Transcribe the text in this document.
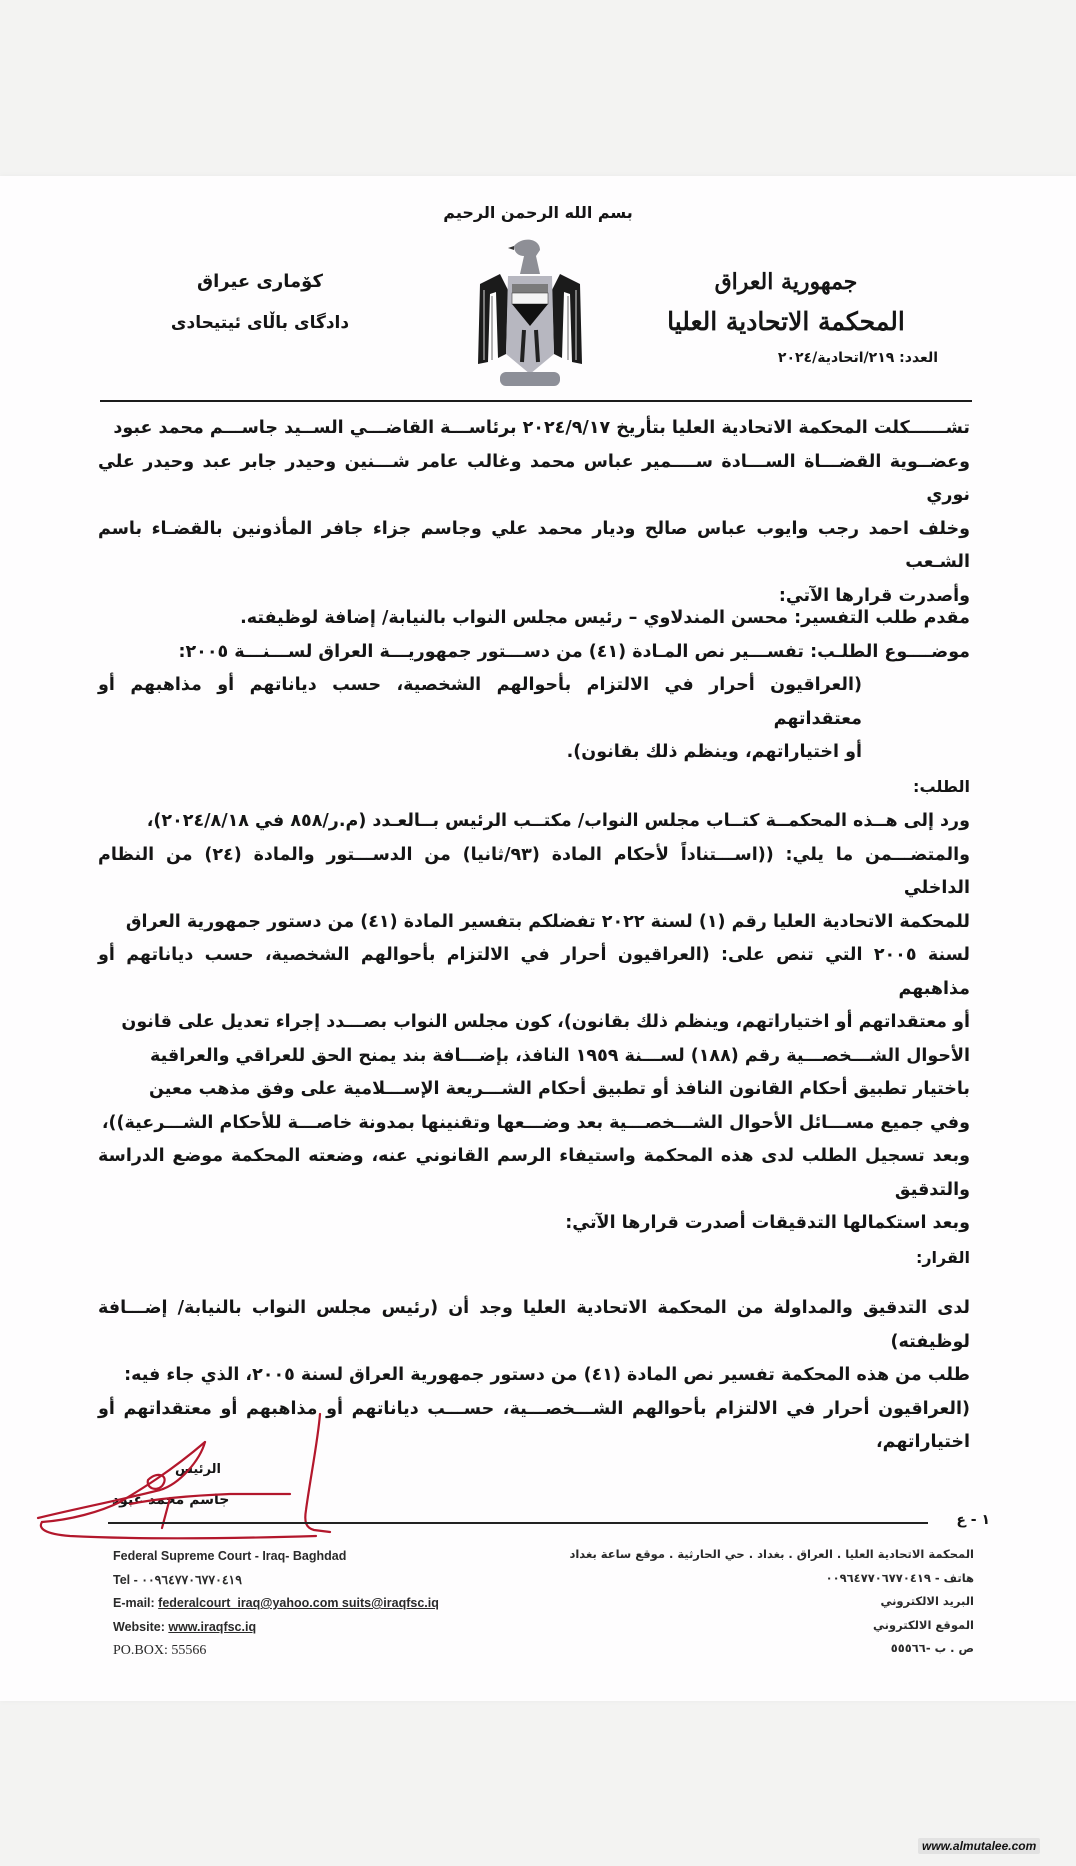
بسم الله الرحمن الرحيم
جمهورية العراق
المحكمة الاتحادية العليا
كۆمارى عيراق
دادگاى باڵاى ئيتيحادى
العدد: ٢١٩/اتحادية/٢٠٢٤

تشــــــكلت المحكمة الاتحادية العليا بتأريخ ٢٠٢٤/٩/١٧ برئاســـة القاضـــي الســيد جاســـم محمد عبود

وعضــوية القضـــاة الســـادة ســــمير عباس محمد وغالب عامر شـــنين وحيدر جابر عبد وحيدر علي نوري

وخلف احمد رجب وايوب عباس صالح وديار محمد علي وجاسم جزاء جافر المأذونين بالقضـاء باسم الشـعب

وأصدرت قرارها الآتي:

مقدم طلب التفسير: محسن المندلاوي – رئيس مجلس النواب بالنيابة/ إضافة لوظيفته.

موضــــوع الطلـب: تفســـير نص المـادة (٤١) من دســـتور جمهوريـــة العراق لســـنـــة ٢٠٠٥:

(العراقيون أحرار في الالتزام بأحوالهم الشخصية، حسب دياناتهم أو مذاهبهم أو معتقداتهم

أو اختياراتهم، وينظم ذلك بقانون).

الطلب:

ورد إلى هــذه المحكمــة كتــاب مجلس النواب/ مكتــب الرئيس بــالعـدد (م.ر/٨٥٨ في ٢٠٢٤/٨/١٨)،

والمتضـــمن ما يلي: ((اســـتناداً لأحكام المادة (٩٣/ثانيا) من الدســـتور والمادة (٢٤) من النظام الداخلي

للمحكمة الاتحادية العليا رقم (١) لسنة ٢٠٢٢ تفضلكم بتفسير المادة (٤١) من دستور جمهورية العراق

لسنة ٢٠٠٥ التي تنص على: (العراقيون أحرار في الالتزام بأحوالهم الشخصية، حسب دياناتهم أو مذاهبهم

أو معتقداتهم أو اختياراتهم، وينظم ذلك بقانون)، كون مجلس النواب بصـــدد إجراء تعديل على قانون

الأحوال الشـــخصـــية رقم (١٨٨) لســـنة ١٩٥٩ النافذ، بإضـــافة بند يمنح الحق للعراقي والعراقية

باختيار تطبيق أحكام القانون النافذ أو تطبيق أحكام الشـــريعة الإســـلامية على وفق مذهب معين

وفي جميع مســـائل الأحوال الشـــخصـــية بعد وضـــعها وتقنينها بمدونة خاصـــة للأحكام الشـــرعية))،

وبعد تسجيل الطلب لدى هذه المحكمة واستيفاء الرسم القانوني عنه، وضعته المحكمة موضع الدراسة والتدقيق

وبعد استكمالها التدقيقات أصدرت قرارها الآتي:

القرار:

لدى التدقيق والمداولة من المحكمة الاتحادية العليا وجد أن (رئيس مجلس النواب بالنيابة/ إضـــافة لوظيفته)

طلب من هذه المحكمة تفسير نص المادة (٤١) من دستور جمهورية العراق لسنة ٢٠٠٥، الذي جاء فيه:

(العراقيون أحرار في الالتزام بأحوالهم الشـــخصـــية، حســـب دياناتهم أو مذاهبهم أو معتقداتهم أو اختياراتهم،

الرئيس
جاسم محمد عبود
١ - ع
Federal Supreme Court - Iraq- Baghdad
Tel - ٠٠٩٦٤٧٧٠٦٧٧٠٤١٩
E-mail: federalcourt_iraq@yahoo.com suits@iraqfsc.iq
Website: www.iraqfsc.iq
PO.BOX: 55566
المحكمة الاتحادية العليا . العراق . بغداد . حي الحارثية . موقع ساعة بغداد
هاتف - ٠٠٩٦٤٧٧٠٦٧٧٠٤١٩
البريد الالكتروني
الموقع الالكتروني
ص . ب -٥٥٥٦٦
www.almutalee.com
